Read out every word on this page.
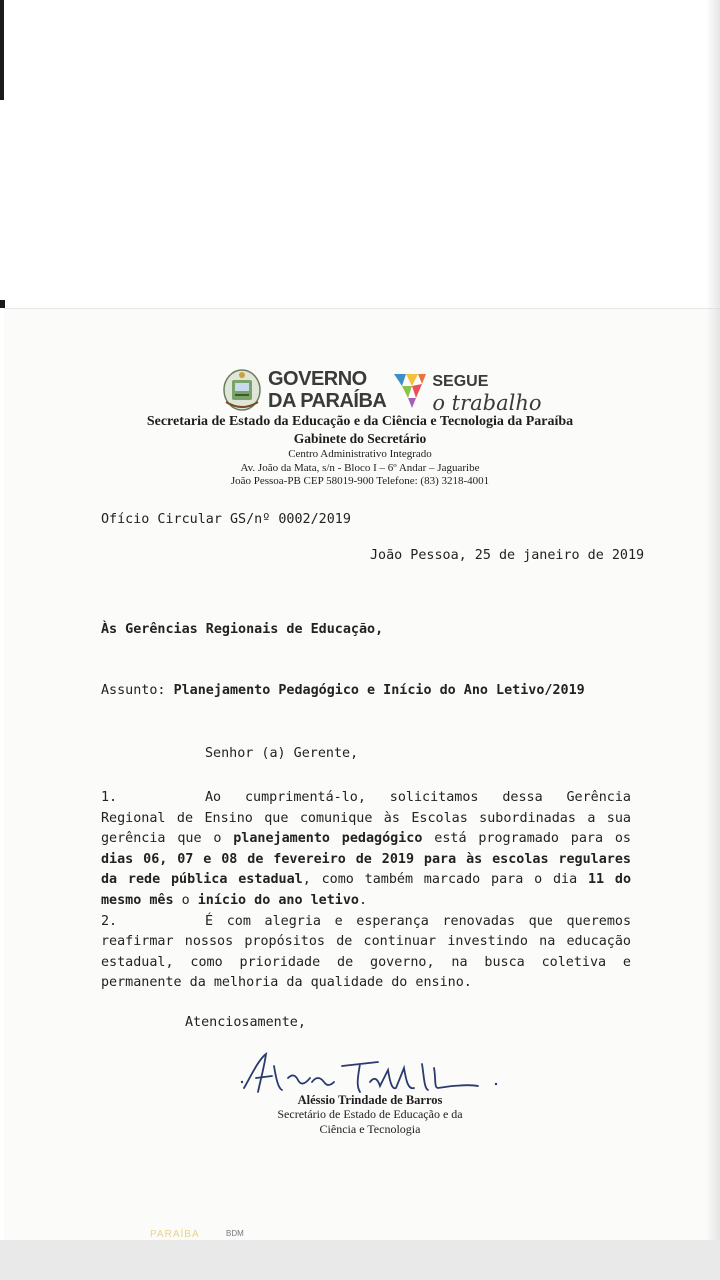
GOVERNO
DA PARAÍBA
SEGUE
o trabalho
Secretaria de Estado da Educação e da Ciência e Tecnologia da Paraíba
Gabinete do Secretário
Centro Administrativo Integrado
Av. João da Mata, s/n - Bloco I – 6º Andar – Jaguaribe
João Pessoa-PB CEP 58019-900 Telefone: (83) 3218-4001
Ofício Circular GS/nº 0002/2019
João Pessoa, 25 de janeiro de 2019
Às Gerências Regionais de Educação,
Assunto: Planejamento Pedagógico e Início do Ano Letivo/2019
Senhor (a) Gerente,
1.	Ao cumprimentá-lo, solicitamos dessa Gerência
Regional de Ensino que comunique às Escolas subordinadas a sua
gerência que o planejamento pedagógico está programado para os
dias 06, 07 e 08 de fevereiro de 2019 para às escolas regulares
da rede pública estadual, como também marcado para o dia 11 do
mesmo mês o início do ano letivo.
2.	É com alegria e esperança renovadas que queremos
reafirmar nossos propósitos de continuar investindo na educação
estadual, como prioridade de governo, na busca coletiva e
permanente da melhoria da qualidade do ensino.
Atenciosamente,
Aléssio Trindade de Barros
Secretário de Estado de Educação e da
Ciência e Tecnologia
PARAÍBA	BDM
